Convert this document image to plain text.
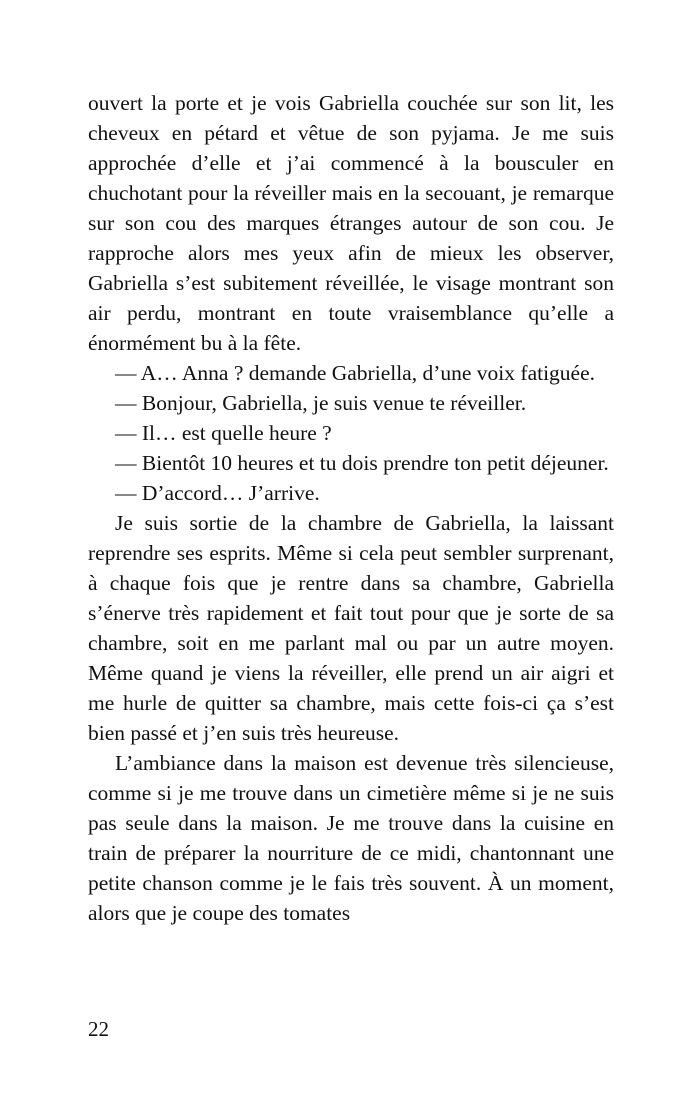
ouvert la porte et je vois Gabriella couchée sur son lit, les cheveux en pétard et vêtue de son pyjama. Je me suis approchée d’elle et j’ai commencé à la bousculer en chuchotant pour la réveiller mais en la secouant, je remarque sur son cou des marques étranges autour de son cou. Je rapproche alors mes yeux afin de mieux les observer, Gabriella s’est subitement réveillée, le visage montrant son air perdu, montrant en toute vraisemblance qu’elle a énormément bu à la fête.

— A… Anna ? demande Gabriella, d’une voix fatiguée.

— Bonjour, Gabriella, je suis venue te réveiller.

— Il… est quelle heure ?

— Bientôt 10 heures et tu dois prendre ton petit déjeuner.

— D’accord… J’arrive.

Je suis sortie de la chambre de Gabriella, la laissant reprendre ses esprits. Même si cela peut sembler surprenant, à chaque fois que je rentre dans sa chambre, Gabriella s’énerve très rapidement et fait tout pour que je sorte de sa chambre, soit en me parlant mal ou par un autre moyen. Même quand je viens la réveiller, elle prend un air aigri et me hurle de quitter sa chambre, mais cette fois-ci ça s’est bien passé et j’en suis très heureuse.

L’ambiance dans la maison est devenue très silencieuse, comme si je me trouve dans un cimetière même si je ne suis pas seule dans la maison. Je me trouve dans la cuisine en train de préparer la nourriture de ce midi, chantonnant une petite chanson comme je le fais très souvent. À un moment, alors que je coupe des tomates

22
